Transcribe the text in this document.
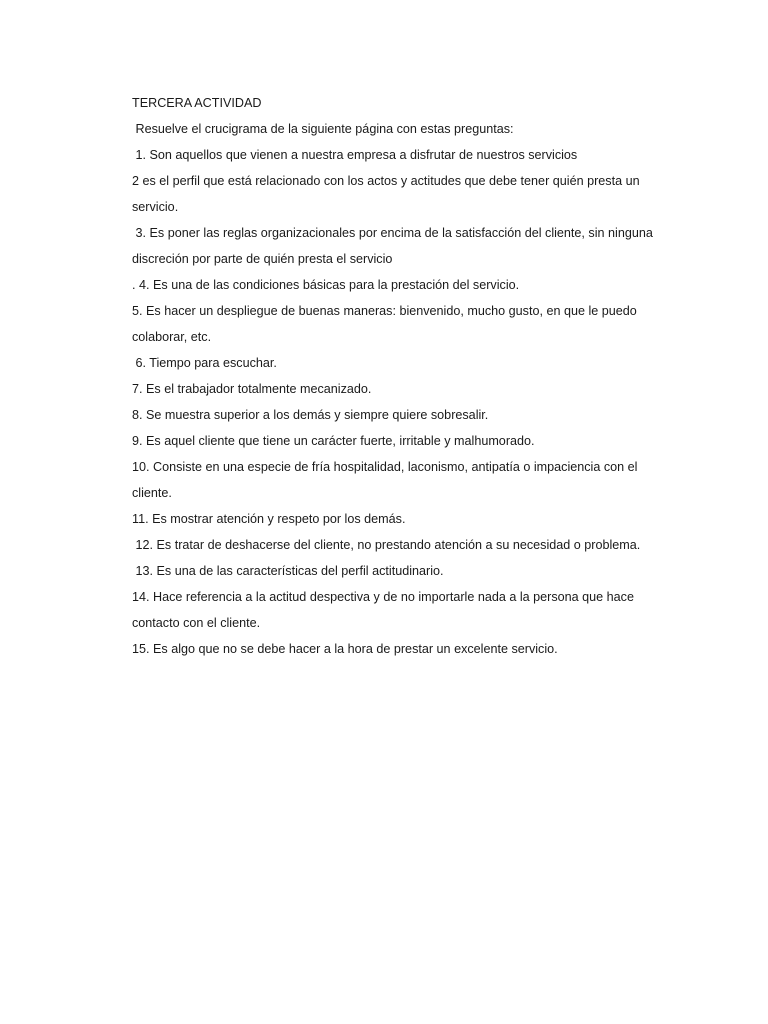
TERCERA ACTIVIDAD
Resuelve el crucigrama de la siguiente página con estas preguntas:
1. Son aquellos que vienen a nuestra empresa a disfrutar de nuestros servicios
2 es el perfil que está relacionado con los actos y actitudes que debe tener quién presta un
servicio.
3. Es poner las reglas organizacionales por encima de la satisfacción del cliente, sin ninguna
discreción por parte de quién presta el servicio
. 4. Es una de las condiciones básicas para la prestación del servicio.
5. Es hacer un despliegue de buenas maneras: bienvenido, mucho gusto, en que le puedo
colaborar, etc.
6. Tiempo para escuchar.
7. Es el trabajador totalmente mecanizado.
8. Se muestra superior a los demás y siempre quiere sobresalir.
9. Es aquel cliente que tiene un carácter fuerte, irritable y malhumorado.
10. Consiste en una especie de fría hospitalidad, laconismo, antipatía o impaciencia con el
cliente.
11. Es mostrar atención y respeto por los demás.
12. Es tratar de deshacerse del cliente, no prestando atención a su necesidad o problema.
13. Es una de las características del perfil actitudinario.
14. Hace referencia a la actitud despectiva y de no importarle nada a la persona que hace
contacto con el cliente.
15. Es algo que no se debe hacer a la hora de prestar un excelente servicio.
